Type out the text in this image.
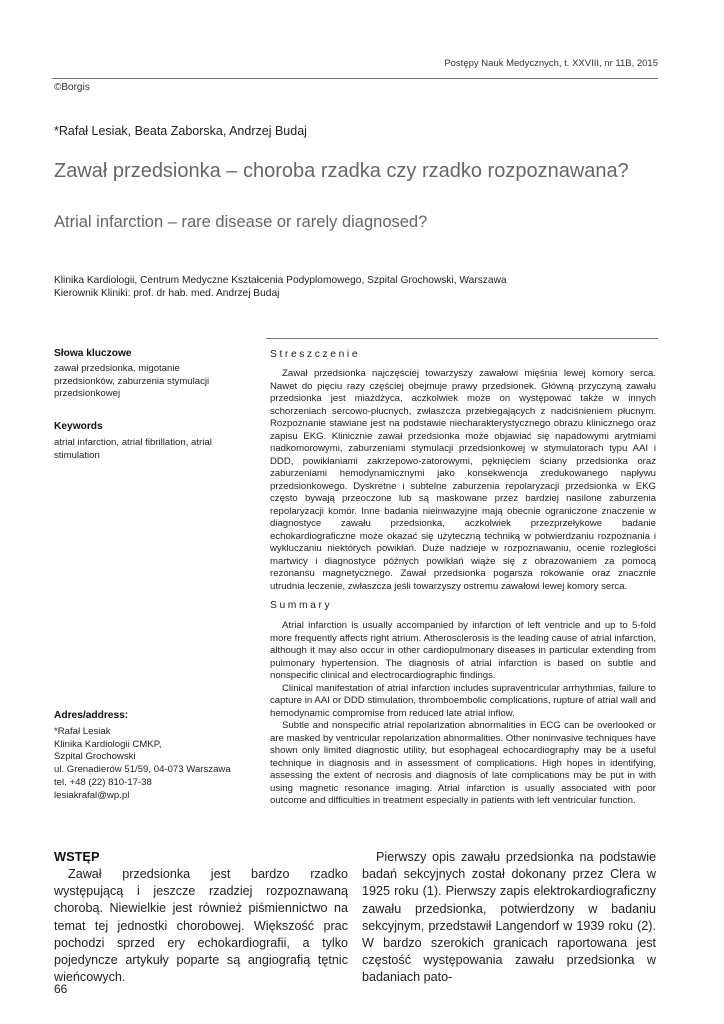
Postępy Nauk Medycznych, t. XXVIII, nr 11B, 2015
©Borgis
*Rafał Lesiak, Beata Zaborska, Andrzej Budaj
Zawał przedsionka – choroba rzadka czy rzadko rozpoznawana?
Atrial infarction – rare disease or rarely diagnosed?
Klinika Kardiologii, Centrum Medyczne Kształcenia Podyplomowego, Szpital Grochowski, Warszawa
Kierownik Kliniki: prof. dr hab. med. Andrzej Budaj
Słowa kluczowe
zawał przedsionka, migotanie
przedsionków, zaburzenia stymulacji
przedsionkowej
Keywords
atrial infarction, atrial fibrillation, atrial
stimulation
Adres/address:
*Rafał Lesiak
Klinika Kardiologii CMKP,
Szpital Grochowski
ul. Grenadierów 51/59, 04-073 Warszawa
tel. +48 (22) 810-17-38
lesiakrafal@wp.pl
Streszczenie

Zawał przedsionka najczęściej towarzyszy zawałowi mięśnia lewej komory serca. Nawet do pięciu razy częściej obejmuje prawy przedsionek. Główną przyczyną zawału przedsionka jest miażdżyca, aczkolwiek może on występować także w innych schorzeniach sercowo-płucnych, zwłaszcza przebiegających z nadciśnieniem płucnym. Rozpoznanie stawiane jest na podstawie niecharakterystycznego obrazu klinicznego oraz zapisu EKG. Klinicznie zawał przedsionka może objawiać się napadowymi arytmiami nadkomorowymi, zaburzeniami stymulacji przedsionkowej w stymulatorach typu AAI i DDD, powikłaniami zakrzepowo-zatorowymi, pęknięciem ściany przedsionka oraz zaburzeniami hemodynamicznymi jako konsekwencja zredukowanego napływu przedsionkowego. Dyskretne i subtelne zaburzenia repolaryzacji przedsionka w EKG często bywają przeoczone lub są maskowane przez bardziej nasilone zaburzenia repolaryzacji komór. Inne badania nieinwazyjne mają obecnie ograniczone znaczenie w diagnostyce zawału przedsionka, aczkolwiek przezprzełykowe badanie echokardiograficzne może okazać się użyteczną techniką w potwierdzaniu rozpoznania i wykluczaniu niektórych powikłań. Duże nadzieje w rozpoznawaniu, ocenie rozległości martwicy i diagnostyce późnych powikłań wiąże się z obrazowaniem za pomocą rezonansu magnetycznego. Zawał przedsionka pogarsza rokowanie oraz znacznie utrudnia leczenie, zwłaszcza jeśli towarzyszy ostremu zawałowi lewej komory serca.

Summary

Atrial infarction is usually accompanied by infarction of left ventricle and up to 5-fold more frequently affects right atrium. Atherosclerosis is the leading cause of atrial infarction, although it may also occur in other cardiopulmonary diseases in particular extending from pulmonary hypertension. The diagnosis of atrial infarction is based on subtle and nonspecific clinical and electrocardiographic findings.

Clinical manifestation of atrial infarction includes supraventricular arrhythmias, failure to capture in AAI or DDD stimulation, thromboembolic complications, rupture of atrial wall and hemodynamic compromise from reduced late atrial inflow.

Subtle and nonspecific atrial repolarization abnormalities in ECG can be overlooked or are masked by ventricular repolarization abnormalities. Other noninvasive techniques have shown only limited diagnostic utility, but esophageal echocardiography may be a useful technique in diagnosis and in assessment of complications. High hopes in identifying, assessing the extent of necrosis and diagnosis of late complications may be put in with using magnetic resonance imaging. Atrial infarction is usually associated with poor outcome and difficulties in treatment especially in patients with left ventricular function.

WSTĘP

Zawał przedsionka jest bardzo rzadko występującą i jeszcze rzadziej rozpoznawaną chorobą. Niewielkie jest również piśmiennictwo na temat tej jednostki chorobowej. Większość prac pochodzi sprzed ery echokardiografii, a tylko pojedyncze artykuły poparte są angiografią tętnic wieńcowych.

Pierwszy opis zawału przedsionka na podstawie badań sekcyjnych został dokonany przez Clera w 1925 roku (1). Pierwszy zapis elektrokardiograficzny zawału przedsionka, potwierdzony w badaniu sekcyjnym, przedstawił Langendorf w 1939 roku (2). W bardzo szerokich granicach raportowana jest częstość występowania zawału przedsionka w badaniach pato-

66
